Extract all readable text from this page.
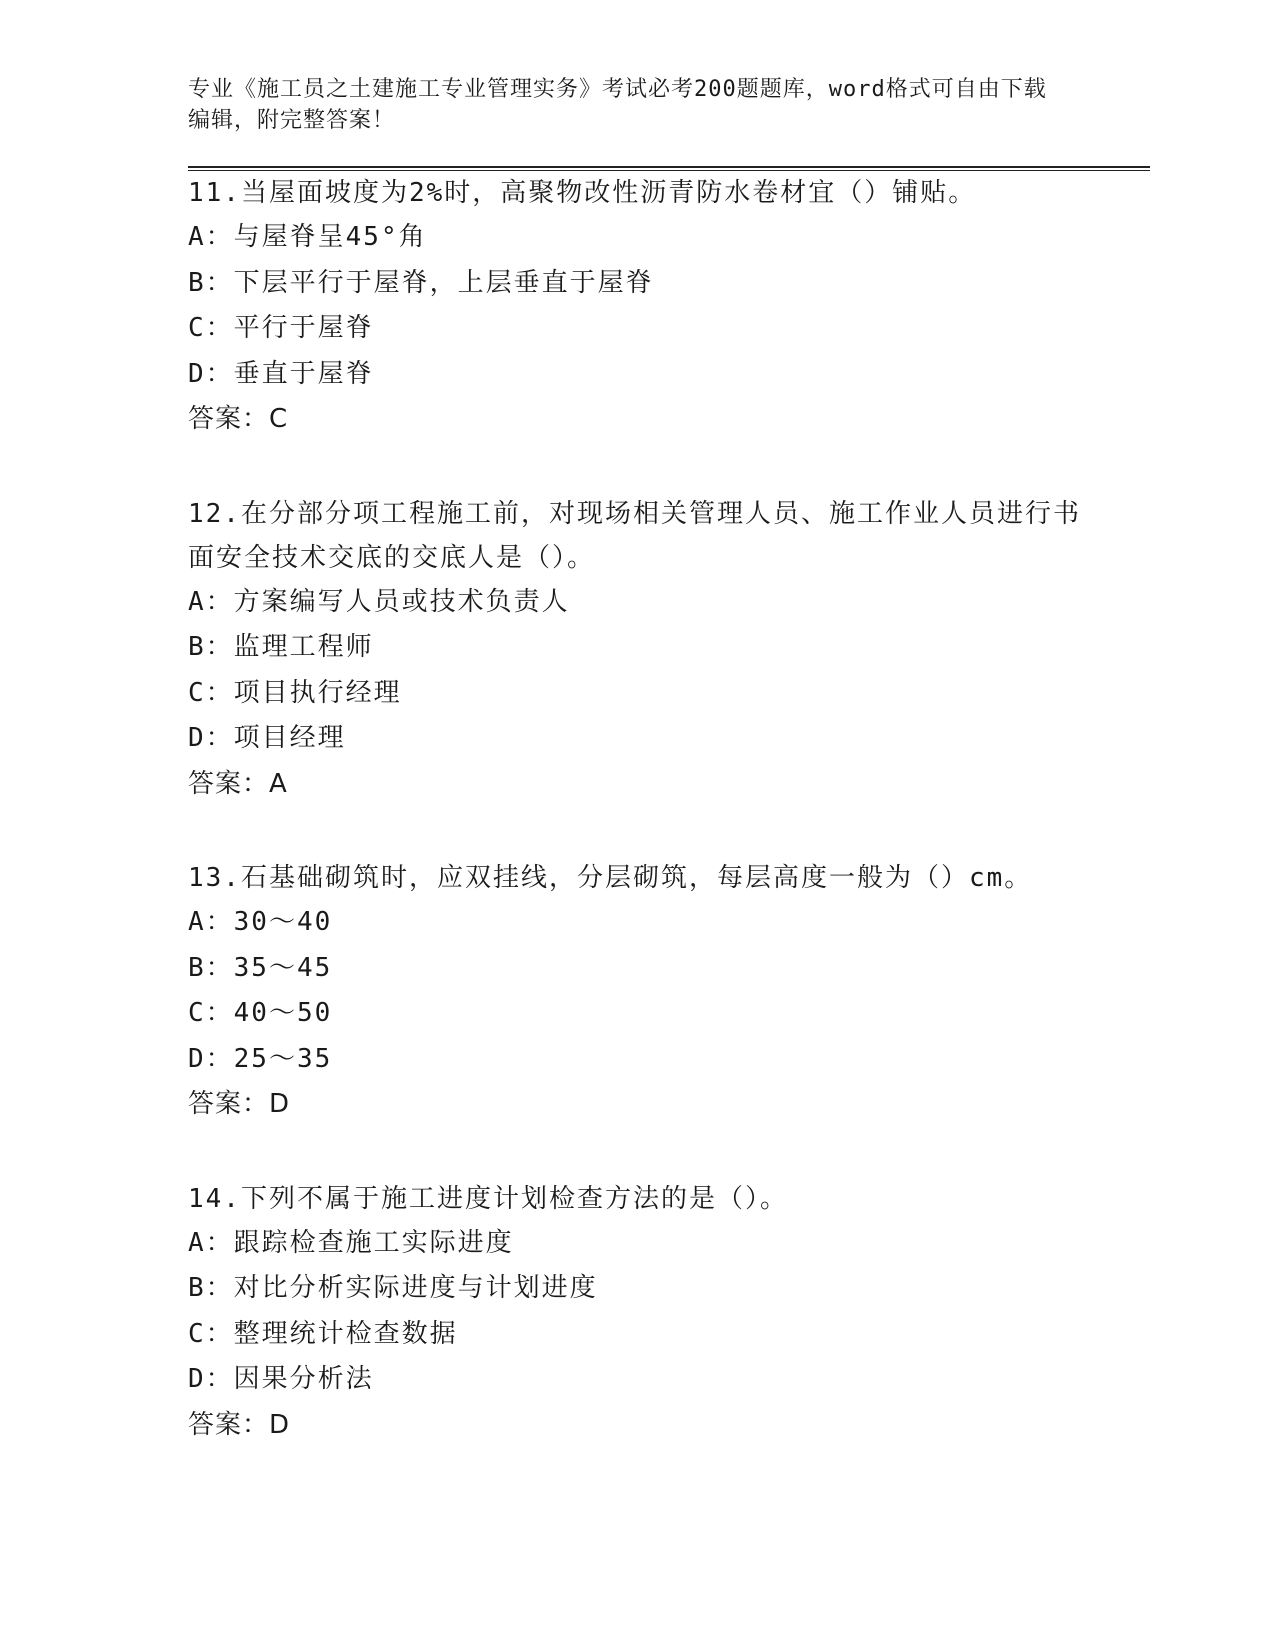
专业《施工员之土建施工专业管理实务》考试必考200题题库，word格式可自由下载编辑，附完整答案！

11.当屋面坡度为2%时，高聚物改性沥青防水卷材宜（）铺贴。

A：与屋脊呈45°角

B：下层平行于屋脊，上层垂直于屋脊

C：平行于屋脊

D：垂直于屋脊

答案：C

12.在分部分项工程施工前，对现场相关管理人员、施工作业人员进行书面安全技术交底的交底人是（）。

A：方案编写人员或技术负责人

B：监理工程师

C：项目执行经理

D：项目经理

答案：A

13.石基础砌筑时，应双挂线，分层砌筑，每层高度一般为（）cm。

A：30～40

B：35～45

C：40～50

D：25～35

答案：D

14.下列不属于施工进度计划检查方法的是（）。

A：跟踪检查施工实际进度

B：对比分析实际进度与计划进度

C：整理统计检查数据

D：因果分析法

答案：D
